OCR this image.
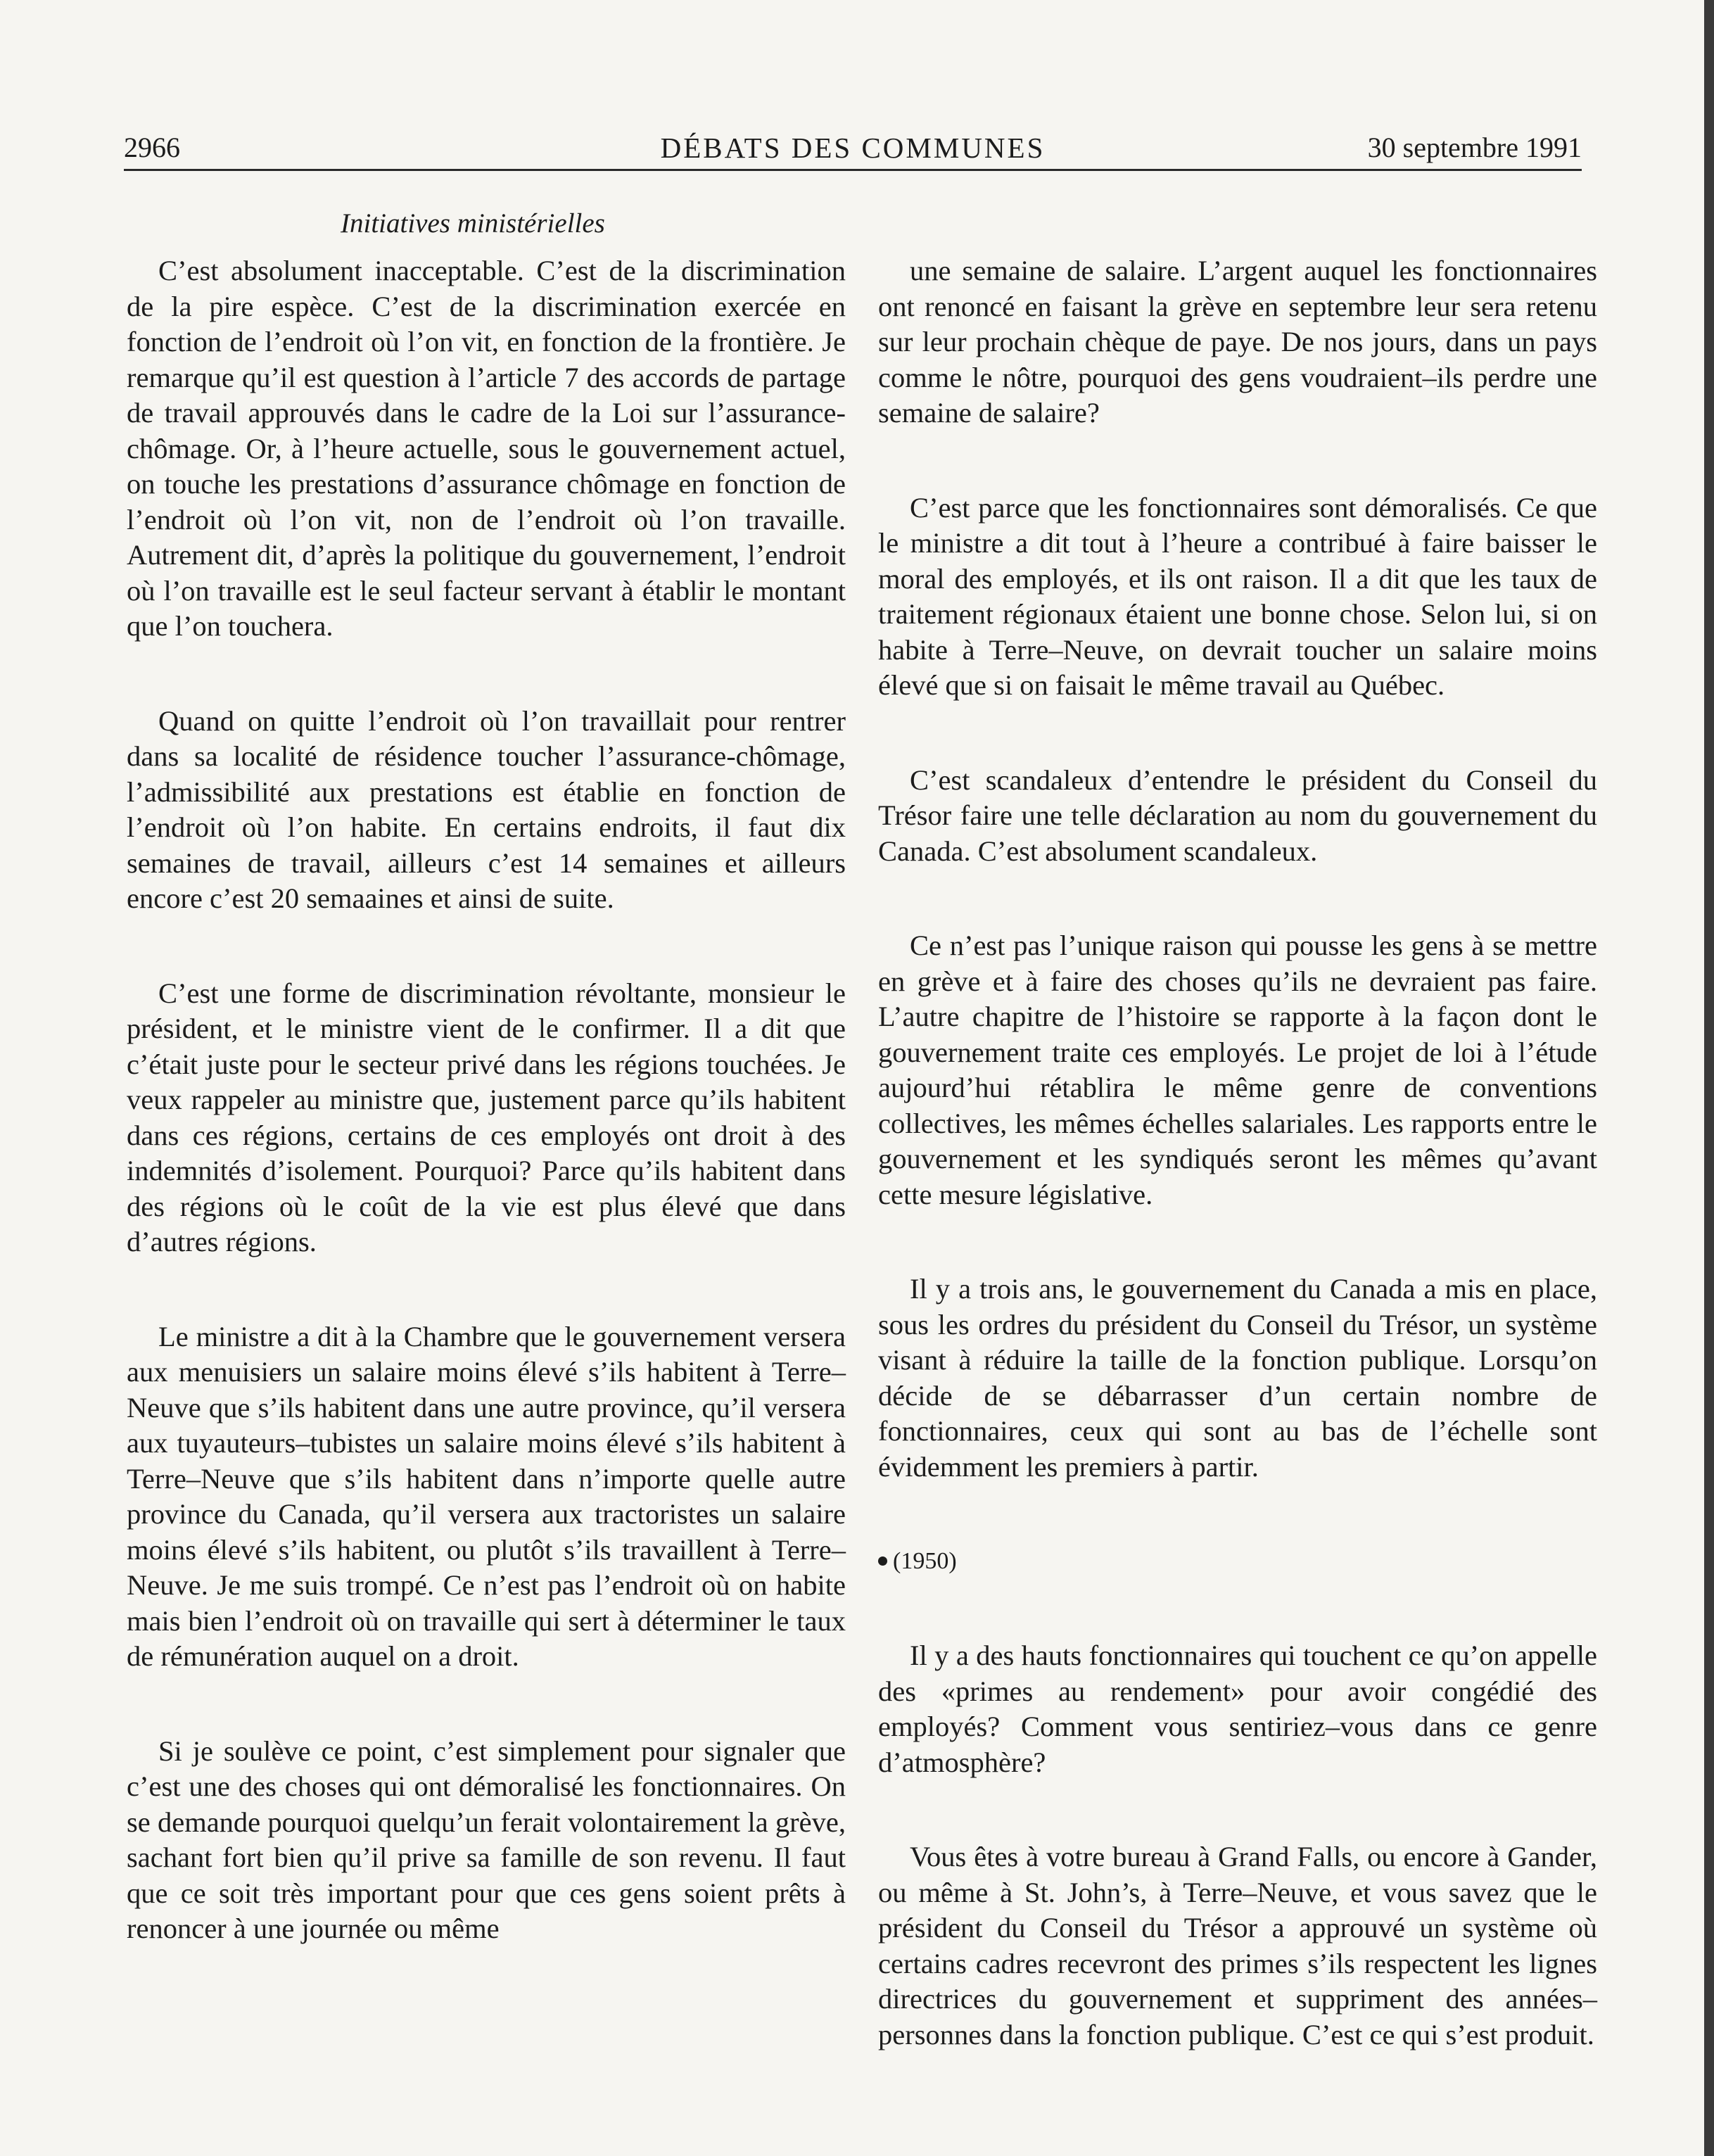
2966	DÉBATS DES COMMUNES	30 septembre 1991
Initiatives ministérielles

C’est absolument inacceptable. C’est de la discrimination de la pire espèce. C’est de la discrimination exercée en fonction de l’endroit où l’on vit, en fonction de la frontière. Je remarque qu’il est question à l’article 7 des accords de partage de travail approuvés dans le cadre de la Loi sur l’assurance-chômage. Or, à l’heure actuelle, sous le gouvernement actuel, on touche les prestations d’assurance chômage en fonction de l’endroit où l’on vit, non de l’endroit où l’on travaille. Autrement dit, d’après la politique du gouvernement, l’endroit où l’on travaille est le seul facteur servant à établir le montant que l’on touchera.

Quand on quitte l’endroit où l’on travaillait pour rentrer dans sa localité de résidence toucher l’assurance-chômage, l’admissibilité aux prestations est établie en fonction de l’endroit où l’on habite. En certains endroits, il faut dix semaines de travail, ailleurs c’est 14 semaines et ailleurs encore c’est 20 semaaines et ainsi de suite.

C’est une forme de discrimination révoltante, monsieur le président, et le ministre vient de le confirmer. Il a dit que c’était juste pour le secteur privé dans les régions touchées. Je veux rappeler au ministre que, justement parce qu’ils habitent dans ces régions, certains de ces employés ont droit à des indemnités d’isolement. Pourquoi? Parce qu’ils habitent dans des régions où le coût de la vie est plus élevé que dans d’autres régions.

Le ministre a dit à la Chambre que le gouvernement versera aux menuisiers un salaire moins élevé s’ils habitent à Terre–Neuve que s’ils habitent dans une autre province, qu’il versera aux tuyauteurs–tubistes un salaire moins élevé s’ils habitent à Terre–Neuve que s’ils habitent dans n’importe quelle autre province du Canada, qu’il versera aux tractoristes un salaire moins élevé s’ils habitent, ou plutôt s’ils travaillent à Terre–Neuve. Je me suis trompé. Ce n’est pas l’endroit où on habite mais bien l’endroit où on travaille qui sert à déterminer le taux de rémunération auquel on a droit.

Si je soulève ce point, c’est simplement pour signaler que c’est une des choses qui ont démoralisé les fonctionnaires. On se demande pourquoi quelqu’un ferait volontairement la grève, sachant fort bien qu’il prive sa famille de son revenu. Il faut que ce soit très important pour que ces gens soient prêts à renoncer à une journée ou même

une semaine de salaire. L’argent auquel les fonctionnaires ont renoncé en faisant la grève en septembre leur sera retenu sur leur prochain chèque de paye. De nos jours, dans un pays comme le nôtre, pourquoi des gens voudraient–ils perdre une semaine de salaire?

C’est parce que les fonctionnaires sont démoralisés. Ce que le ministre a dit tout à l’heure a contribué à faire baisser le moral des employés, et ils ont raison. Il a dit que les taux de traitement régionaux étaient une bonne chose. Selon lui, si on habite à Terre–Neuve, on devrait toucher un salaire moins élevé que si on faisait le même travail au Québec.

C’est scandaleux d’entendre le président du Conseil du Trésor faire une telle déclaration au nom du gouvernement du Canada. C’est absolument scandaleux.

Ce n’est pas l’unique raison qui pousse les gens à se mettre en grève et à faire des choses qu’ils ne devraient pas faire. L’autre chapitre de l’histoire se rapporte à la façon dont le gouvernement traite ces employés. Le projet de loi à l’étude aujourd’hui rétablira le même genre de conventions collectives, les mêmes échelles salariales. Les rapports entre le gouvernement et les syndiqués seront les mêmes qu’avant cette mesure législative.

Il y a trois ans, le gouvernement du Canada a mis en place, sous les ordres du président du Conseil du Trésor, un système visant à réduire la taille de la fonction publique. Lorsqu’on décide de se débarrasser d’un certain nombre de fonctionnaires, ceux qui sont au bas de l’échelle sont évidemment les premiers à partir.

(1950)

Il y a des hauts fonctionnaires qui touchent ce qu’on appelle des «primes au rendement» pour avoir congédié des employés? Comment vous sentiriez–vous dans ce genre d’atmosphère?

Vous êtes à votre bureau à Grand Falls, ou encore à Gander, ou même à St. John’s, à Terre–Neuve, et vous savez que le président du Conseil du Trésor a approuvé un système où certains cadres recevront des primes s’ils respectent les lignes directrices du gouvernement et suppriment des années–personnes dans la fonction publique. C’est ce qui s’est produit.
